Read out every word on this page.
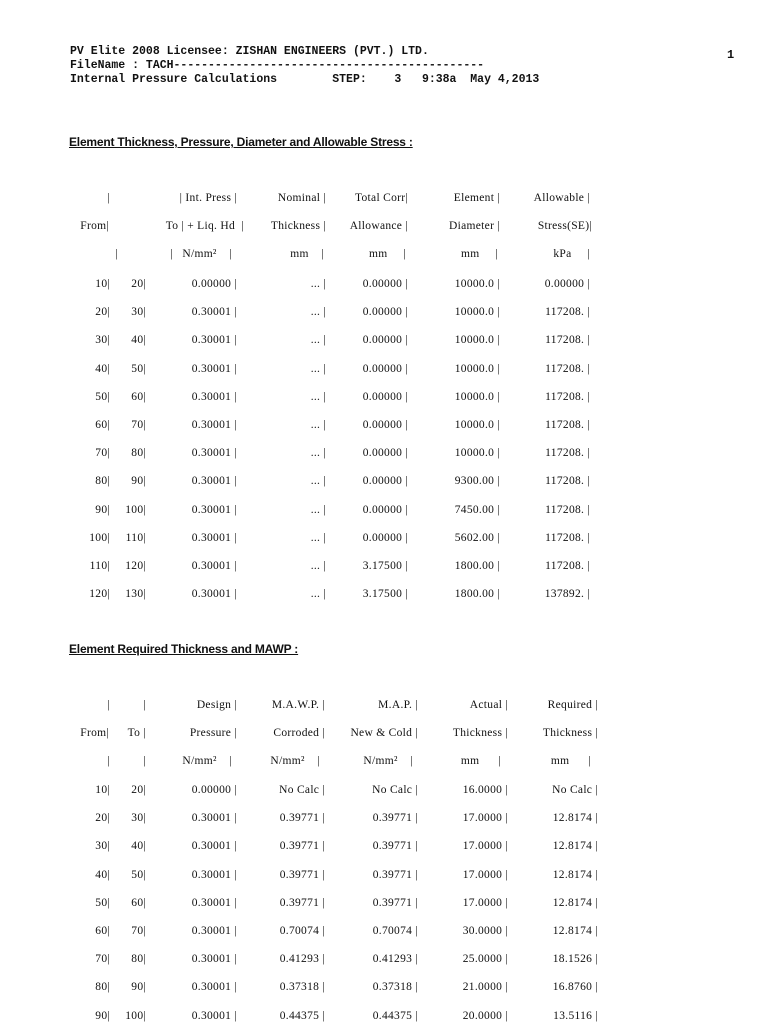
PV Elite 2008 Licensee: ZISHAN ENGINEERS (PVT.) LTD.
FileName : TACH---------------------------------------------
Internal Pressure Calculations        STEP:    3   9:38a  May 4,2013
1
Element Thickness, Pressure, Diameter and Allowable Stress :
|	| Int. Press |	Nominal |	Total Corr|	Element |	Allowable |
From|	To | + Liq. Hd  | Thickness | Allowance |	Diameter |	Stress(SE)|
|	|   N/mm²    |	mm    |	mm     |	mm     |	kPa     |
10| 20|	0.00000 |	... |	0.00000 |	10000.0 |	0.00000 |
20| 30|	0.30001 |	... |	0.00000 |	10000.0 |	117208. |
30| 40|	0.30001 |	... |	0.00000 |	10000.0 |	117208. |
40| 50|	0.30001 |	... |	0.00000 |	10000.0 |	117208. |
50| 60|	0.30001 |	... |	0.00000 |	10000.0 |	117208. |
60| 70|	0.30001 |	... |	0.00000 |	10000.0 |	117208. |
70| 80|	0.30001 |	... |	0.00000 |	10000.0 |	117208. |
80| 90|	0.30001 |	... |	0.00000 |	9300.00 |	117208. |
90| 100|	0.30001 |	... |	0.00000 |	7450.00 |	117208. |
100| 110|	0.30001 |	... |	0.00000 |	5602.00 |	117208. |
110| 120|	0.30001 |	... |	3.17500 |	1800.00 |	117208. |
120| 130|	0.30001 |	... |	3.17500 |	1800.00 |	137892. |
Element Required Thickness and MAWP :
|	|	Design |	M.A.W.P. |	M.A.P. |	Actual |	Required |
From| To |	Pressure |	Corroded | New & Cold |	Thickness |	Thickness |
|	|	N/mm²    |	N/mm²    |	N/mm²    |	mm      |	mm      |
10| 20|	0.00000 |	No Calc |	No Calc |	16.0000 |	No Calc |
20| 30|	0.30001 |	0.39771 |	0.39771 |	17.0000 |	12.8174 |
30| 40|	0.30001 |	0.39771 |	0.39771 |	17.0000 |	12.8174 |
40| 50|	0.30001 |	0.39771 |	0.39771 |	17.0000 |	12.8174 |
50| 60|	0.30001 |	0.39771 |	0.39771 |	17.0000 |	12.8174 |
60| 70|	0.30001 |	0.70074 |	0.70074 |	30.0000 |	12.8174 |
70| 80|	0.30001 |	0.41293 |	0.41293 |	25.0000 |	18.1526 |
80| 90|	0.30001 |	0.37318 |	0.37318 |	21.0000 |	16.8760 |
90| 100|	0.30001 |	0.44375 |	0.44375 |	20.0000 |	13.5116 |
